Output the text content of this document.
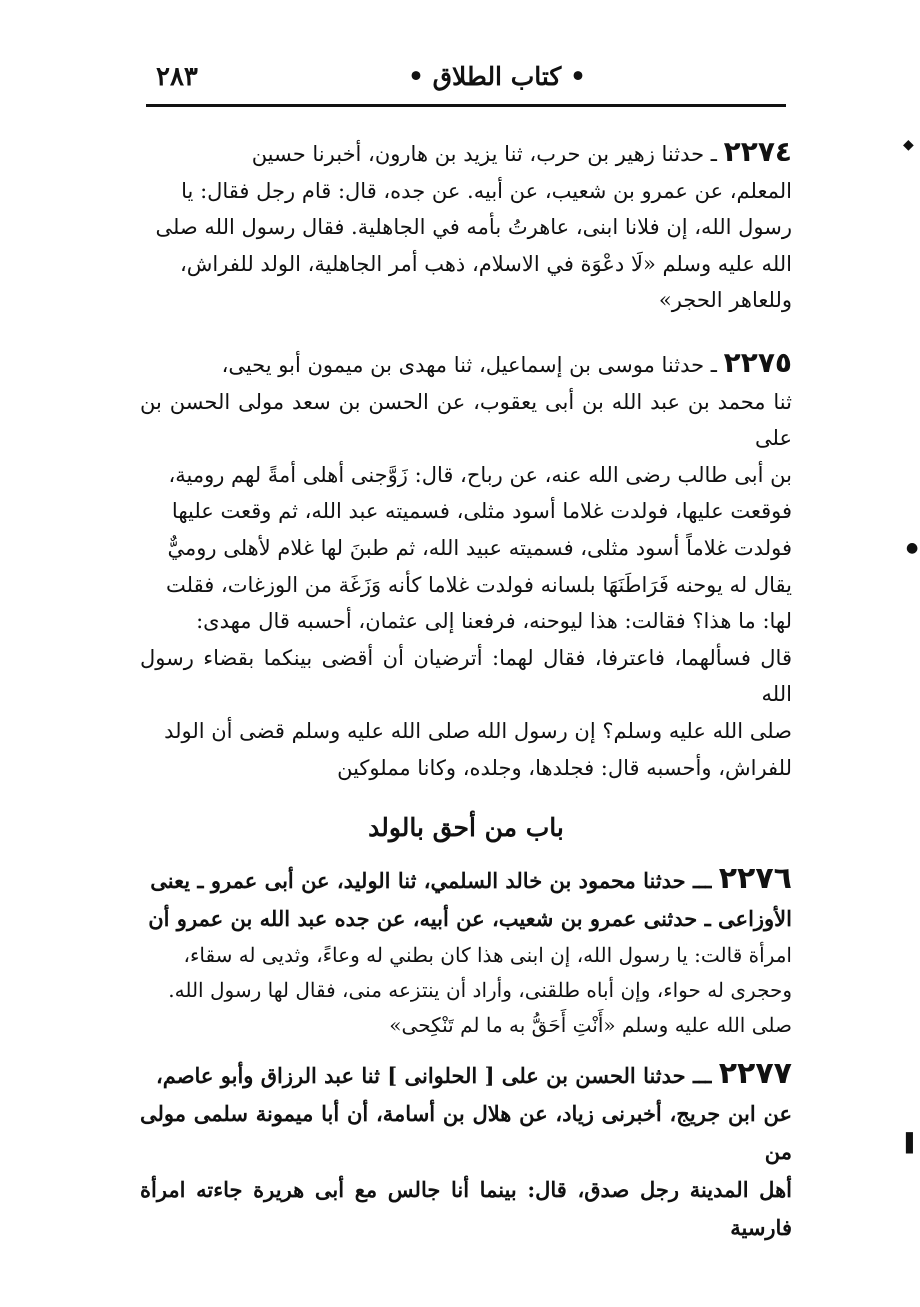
• كتاب الطلاق •
٢٨٣
◆
●
▌
٢٢٧٤ ـ حدثنا زهير بن حرب، ثنا يزيد بن هارون، أخبرنا حسين
المعلم، عن عمرو بن شعيب، عن أبيه. عن جده، قال: قام رجل فقال: يا
رسول الله، إن فلانا ابنى، عاهرتُ بأمه في الجاهلية. فقال رسول الله صلى
الله عليه وسلم «لَا دعْوَة في الاسلام، ذهب أمر الجاهلية، الولد للفراش،
وللعاهر الحجر»
٢٢٧٥ ـ حدثنا موسى بن إسماعيل، ثنا مهدى بن ميمون أبو يحيى،
ثنا محمد بن عبد الله بن أبى يعقوب، عن الحسن بن سعد مولى الحسن بن على
بن أبى طالب رضى الله عنه، عن رباح، قال: زَوَّجنى أهلى أمةً لهم رومية،
فوقعت عليها، فولدت غلاما أسود مثلى، فسميته عبد الله، ثم وقعت عليها
فولدت غلاماً أسود مثلى، فسميته عبيد الله، ثم طبنَ لها غلام لأهلى روميٌّ
يقال له يوحنه فَرَاطَنَهَا بلسانه فولدت غلاما كأنه وَزَغَة من الوزغات، فقلت
لها: ما هذا؟ فقالت: هذا ليوحنه، فرفعنا إلى عثمان، أحسبه قال مهدى:
قال فسألهما، فاعترفا، فقال لهما: أترضيان أن أقضى بينكما بقضاء رسول الله
صلى الله عليه وسلم؟ إن رسول الله صلى الله عليه وسلم قضى أن الولد
للفراش، وأحسبه قال: فجلدها، وجلده، وكانا مملوكين
باب من أحق بالولد
٢٢٧٦ ـــ حدثنا محمود بن خالد السلمي، ثنا الوليد، عن أبى عمرو ـ يعنى
الأوزاعى ـ حدثنى عمرو بن شعيب، عن أبيه، عن جده عبد الله بن عمرو أن
امرأة قالت: يا رسول الله، إن ابنى هذا كان بطني له وعاءً، وثديى له سقاء،
وحجرى له حواء، وإن أباه طلقنى، وأراد أن ينتزعه منى، فقال لها رسول الله.
صلى الله عليه وسلم «أَنْتِ أَحَقُّ به ما لم تَنْكِحى»
٢٢٧٧ ـــ حدثنا الحسن بن على [ الحلوانى ] ثنا عبد الرزاق وأبو عاصم،
عن ابن جريج، أخبرنى زياد، عن هلال بن أسامة، أن أبا ميمونة سلمى مولى من
أهل المدينة رجل صدق، قال: بينما أنا جالس مع أبى هريرة جاءته امرأة فارسية
